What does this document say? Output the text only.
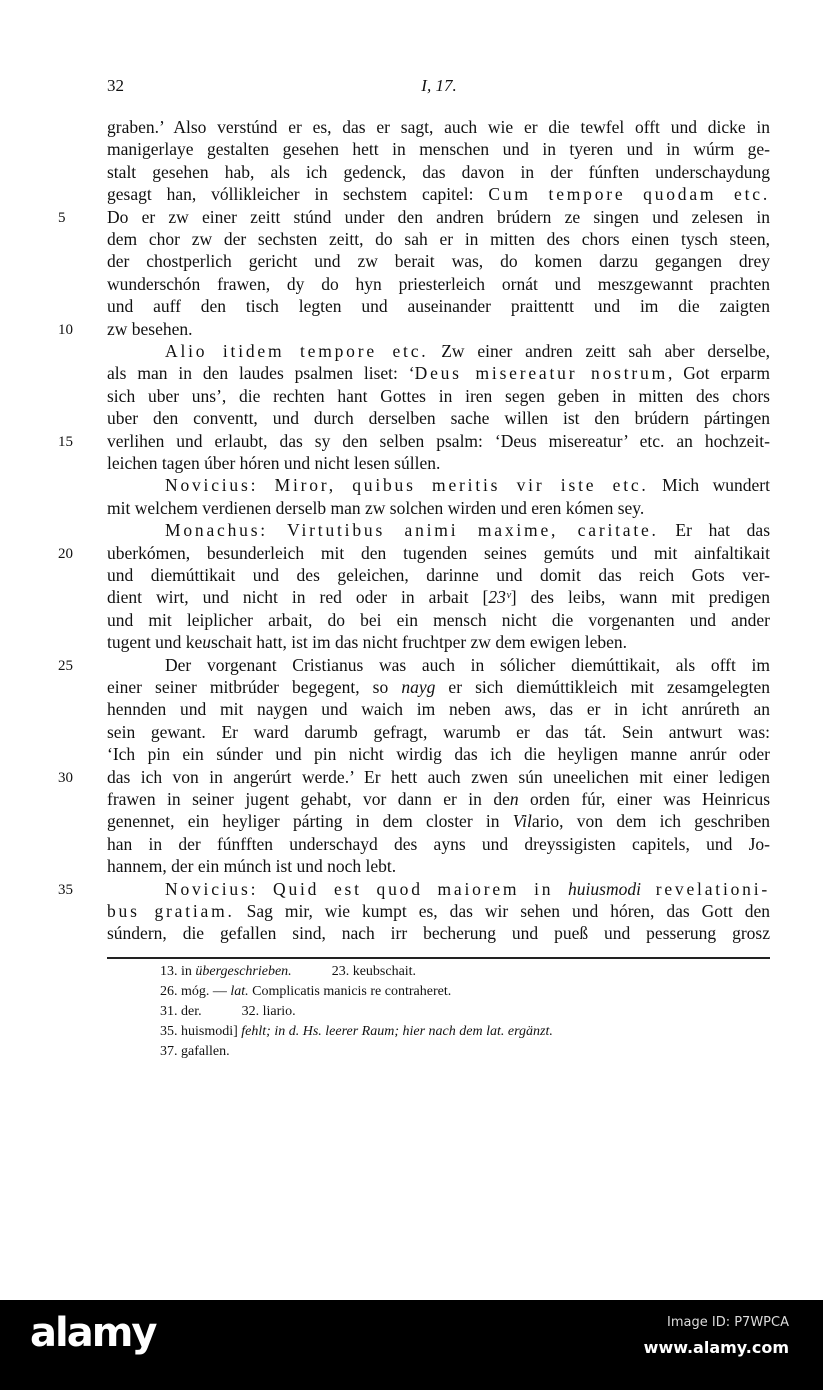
32	I, 17.
graben.’ Also verstúnd er es, das er sagt, auch wie er die tewfel offt und dicke in
manigerlaye gestalten gesehen hett in menschen und in tyeren und in wúrm ge-
stalt gesehen hab, als ich gedenck, das davon in der fúnften underschaydung
gesagt han, vóllikleicher in sechstem capitel: Cum tempore quodam etc.
Do er zw einer zeitt stúnd under den andren brúdern ze singen und zelesen in
5
dem chor zw der sechsten zeitt, do sah er in mitten des chors einen tysch steen,
der chostperlich gericht und zw berait was, do komen darzu gegangen drey
wunderschón frawen, dy do hyn priesterleich ornát und meszgewannt prachten
und auff den tisch legten und auseinander praittentt und im die zaigten
zw besehen.
10
Alio itidem tempore etc. Zw einer andren zeitt sah aber derselbe,
als man in den laudes psalmen liset: ‘Deus misereatur nostrum, Got erparm
sich uber uns’, die rechten hant Gottes in iren segen geben in mitten des chors
uber den conventt, und durch derselben sache willen ist den brúdern pártingen
verlihen und erlaubt, das sy den selben psalm: ‘Deus misereatur’ etc. an hochzeit-
15
leichen tagen úber hóren und nicht lesen súllen.
Novicius: Miror, quibus meritis vir iste etc. Mich wundert
mit welchem verdienen derselb man zw solchen wirden und eren kómen sey.
Monachus: Virtutibus animi maxime, caritate. Er hat das
uberkómen, besunderleich mit den tugenden seines gemúts und mit ainfaltikait
20
und diemúttikait und des geleichen, darinne und domit das reich Gots ver-
dient wirt, und nicht in red oder in arbait [23ᵛ] des leibs, wann mit predigen
und mit leiplicher arbait, do bei ein mensch nicht die vorgenanten und ander
tugent und keuschait hatt, ist im das nicht fruchtper zw dem ewigen leben.
Der vorgenant Cristianus was auch in sólicher diemúttikait, als offt im
25
einer seiner mitbrúder begegent, so nayg er sich diemúttikleich mit zesamgelegten
hennden und mit naygen und waich im neben aws, das er in icht anrúreth an
sein gewant. Er ward darumb gefragt, warumb er das tát. Sein antwurt was:
‘Ich pin ein súnder und pin nicht wirdig das ich die heyligen manne anrúr oder
das ich von in angerúrt werde.’ Er hett auch zwen sún uneelichen mit einer ledigen
30
frawen in seiner jugent gehabt, vor dann er in den orden fúr, einer was Heinricus
genennet, ein heyliger párting in dem closter in Vilario, von dem ich geschriben
han in der fúnfften underschayd des ayns und dreyssigisten capitels, und Jo-
hannem, der ein múnch ist und noch lebt.
Novicius: Quid est quod maiorem in huiusmodi revelationi-
35
bus gratiam. Sag mir, wie kumpt es, das wir sehen und hóren, das Gott den
súndern, die gefallen sind, nach irr becherung und pueß und pesserung grosz
13. in übergeschrieben.	23. keubschait.
26. móg. — lat. Complicatis manicis re contraheret.
31. der.	32. liario.
35. huismodi] fehlt; in d. Hs. leerer Raum; hier nach dem lat. ergänzt.
37. gafallen.
alamy	Image ID: P7WPCA
www.alamy.com
